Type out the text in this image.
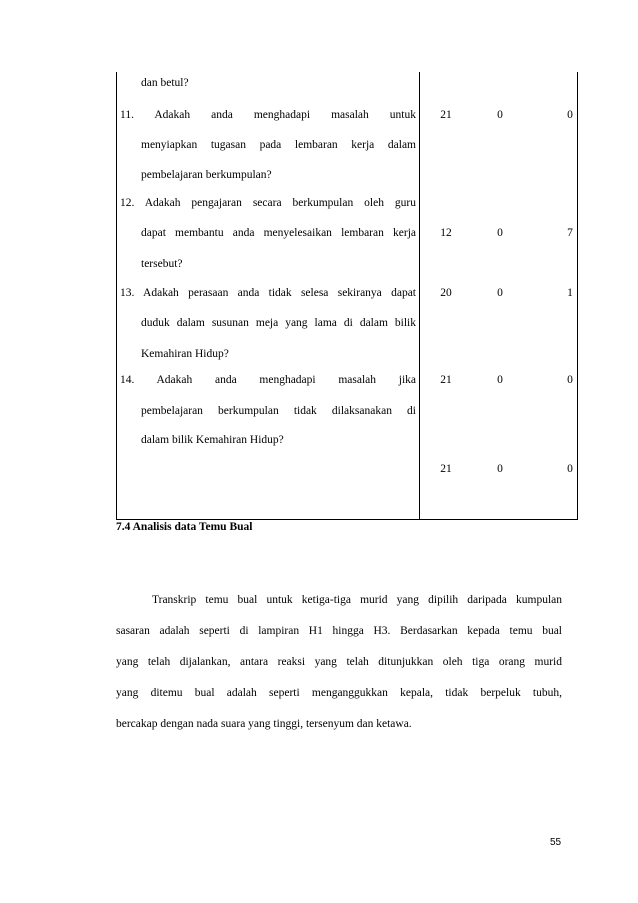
dan betul?
11. Adakah anda menghadapi masalah untuk
menyiapkan tugasan pada lembaran kerja dalam
pembelajaran berkumpulan?
21	0	0
12. Adakah pengajaran secara berkumpulan oleh guru
dapat membantu anda menyelesaikan lembaran kerja
tersebut?
12	0	7
13. Adakah perasaan anda tidak selesa sekiranya dapat
duduk dalam susunan meja yang lama di dalam bilik
Kemahiran Hidup?
20	0	1
14. Adakah anda menghadapi masalah jika
pembelajaran berkumpulan tidak dilaksanakan di
dalam bilik Kemahiran Hidup?
21	0	0
21	0	0
7.4 Analisis data Temu Bual
Transkrip temu bual untuk ketiga-tiga murid yang dipilih daripada kumpulan
sasaran adalah seperti di lampiran H1 hingga H3. Berdasarkan kepada temu bual
yang telah dijalankan, antara reaksi yang telah ditunjukkan oleh tiga orang murid
yang ditemu bual adalah seperti menganggukkan kepala, tidak berpeluk tubuh,
bercakap dengan nada suara yang tinggi, tersenyum dan ketawa.
55
